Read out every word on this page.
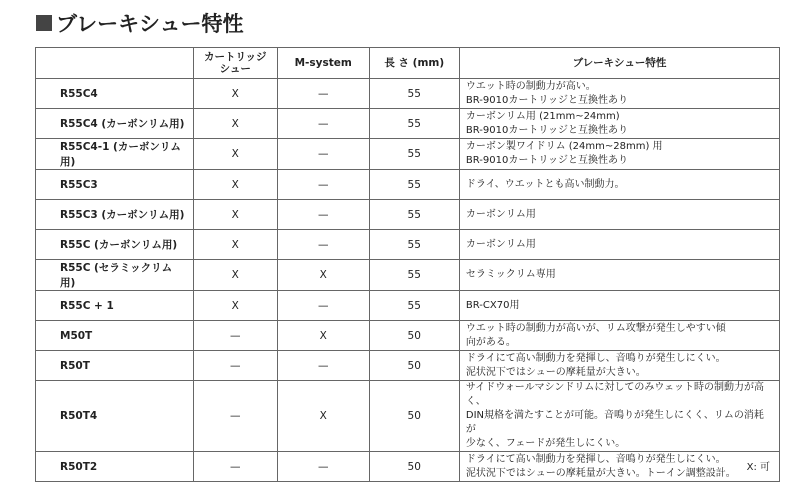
ブレーキシュー特性
	カートリッジ
シュー	M-system	長 さ (mm)	ブレーキシュー特性
R55C4	X	—	55	ウエット時の制動力が高い。
BR-9010カートリッジと互換性あり
R55C4 (カーボンリム用)	X	—	55	カーボンリム用 (21mm~24mm)
BR-9010カートリッジと互換性あり
R55C4-1 (カーボンリム用)	X	—	55	カーボン製ワイドリム (24mm~28mm) 用
BR-9010カートリッジと互換性あり
R55C3	X	—	55	ドライ、ウエットとも高い制動力。
R55C3 (カーボンリム用)	X	—	55	カーボンリム用
R55C (カーボンリム用)	X	—	55	カーボンリム用
R55C (セラミックリム用)	X	X	55	セラミックリム専用
R55C + 1	X	—	55	BR-CX70用
M50T	—	X	50	ウエット時の制動力が高いが、リム攻撃が発生しやすい傾
向がある。
R50T	—	—	50	ドライにて高い制動力を発揮し、音鳴りが発生しにくい。
泥状況下ではシューの摩耗量が大きい。
R50T4	—	X	50	サイドウォールマシンドリムに対してのみウェット時の制動力が高く、
DIN規格を満たすことが可能。音鳴りが発生しにくく、リムの消耗が
少なく、フェードが発生しにくい。
R50T2	—	—	50	ドライにて高い制動力を発揮し、音鳴りが発生しにくい。
泥状況下ではシューの摩耗量が大きい。トーイン調整設計。 X: 可
